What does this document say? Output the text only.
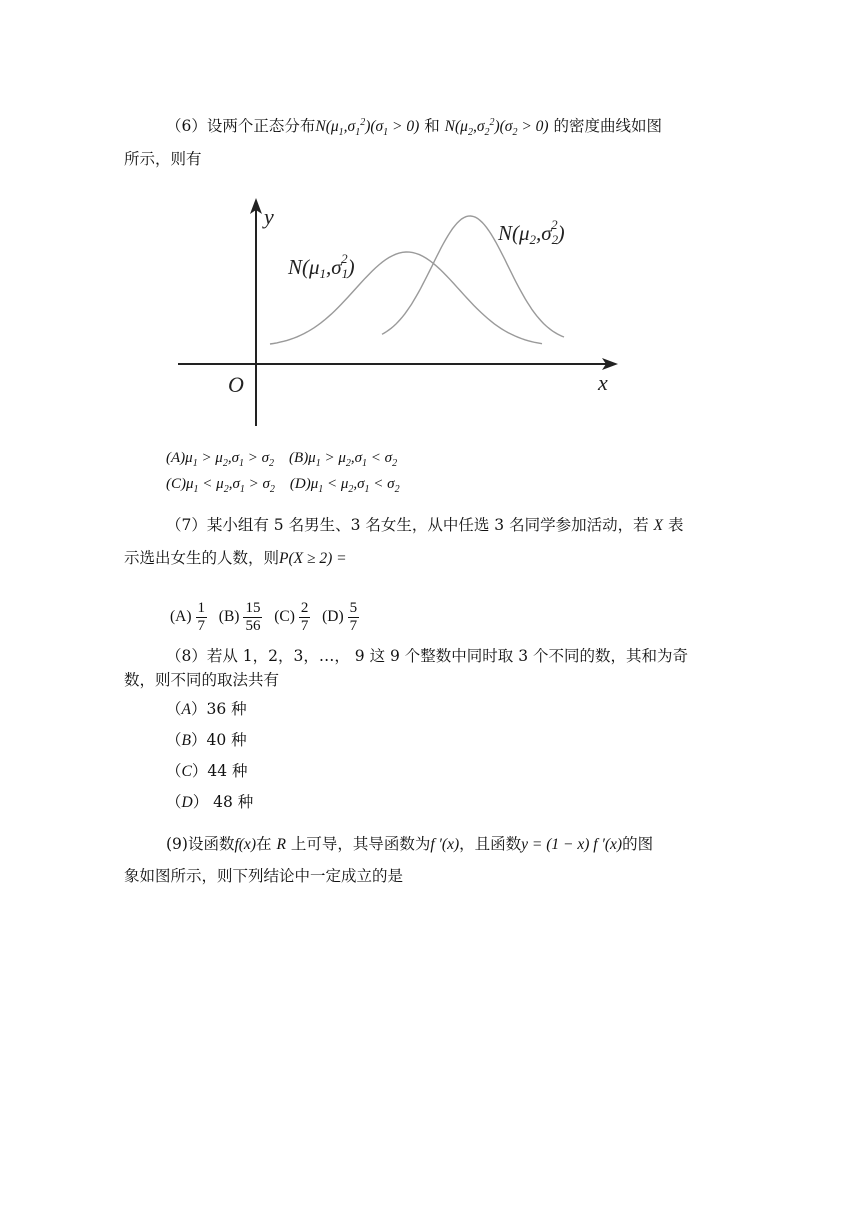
（6）设两个正态分布$N(\mu_1,\sigma_1^2)(\sigma_1 > 0)$ 和 $N(\mu_2,\sigma_2^2)(\sigma_2 > 0)$ 的密度曲线如图
所示，则有
y
x
O
N(μ1,σ12)
N(μ2,σ22)
$(A)\mu_1 > \mu_2,\sigma_1 > \sigma_2$ $(B)\mu_1 > \mu_2,\sigma_1 < \sigma_2$
$(C)\mu_1 < \mu_2,\sigma_1 > \sigma_2$ $(D)\mu_1 < \mu_2,\sigma_1 < \sigma_2$
（7）某小组有 5 名男生、3 名女生，从中任选 3 名同学参加活动，若 X 表
示选出女生的人数，则P(X ≥ 2) =
$(A) \frac{1}{7} (B) \frac{15}{56} (C) \frac{2}{7} (D) \frac{5}{7}$
（8）若从 1，2，3，…， 9 这 9 个整数中同时取 3 个不同的数，其和为奇
数，则不同的取法共有
（A）36 种
（B）40 种
（C）44 种
（D） 48 种
(9)设函数f(x)在 R 上可导，其导函数为f ′(x)，且函数y = (1 − x) f ′(x)的图
象如图所示，则下列结论中一定成立的是
